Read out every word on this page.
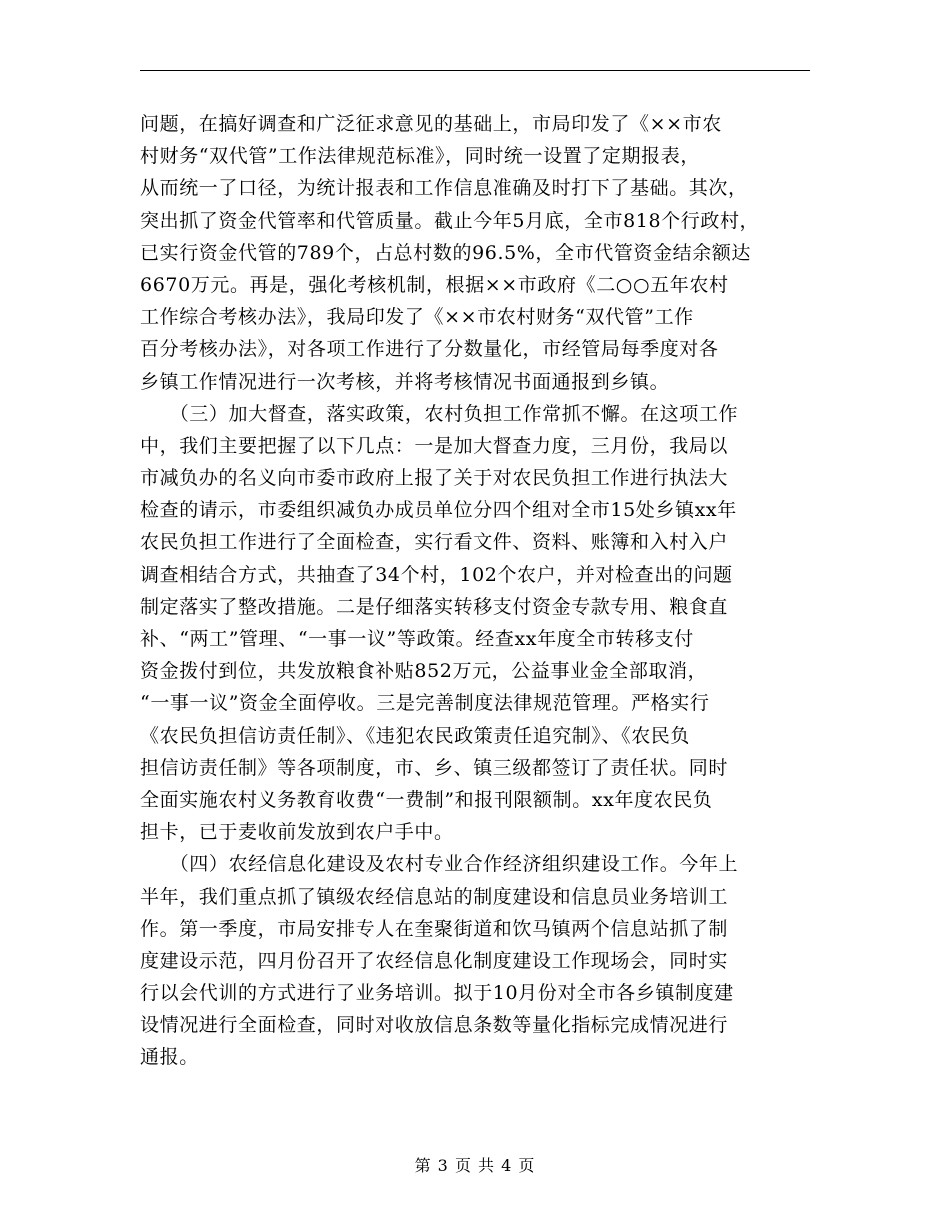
问题，在搞好调查和广泛征求意见的基础上，市局印发了《××市农
村财务“双代管”工作法律规范标准》，同时统一设置了定期报表，
从而统一了口径，为统计报表和工作信息准确及时打下了基础。其次，
突出抓了资金代管率和代管质量。截止今年5月底，全市818个行政村，
已实行资金代管的789个，占总村数的96.5%，全市代管资金结余额达
6670万元。再是，强化考核机制，根据××市政府《二○○五年农村
工作综合考核办法》，我局印发了《××市农村财务“双代管”工作
百分考核办法》，对各项工作进行了分数量化，市经管局每季度对各
乡镇工作情况进行一次考核，并将考核情况书面通报到乡镇。
　　（三）加大督查，落实政策，农村负担工作常抓不懈。在这项工作
中，我们主要把握了以下几点：一是加大督查力度，三月份，我局以
市减负办的名义向市委市政府上报了关于对农民负担工作进行执法大
检查的请示，市委组织减负办成员单位分四个组对全市15处乡镇xx年
农民负担工作进行了全面检查，实行看文件、资料、账簿和入村入户
调查相结合方式，共抽查了34个村，102个农户，并对检查出的问题
制定落实了整改措施。二是仔细落实转移支付资金专款专用、粮食直
补、“两工”管理、“一事一议”等政策。经查xx年度全市转移支付
资金拨付到位，共发放粮食补贴852万元，公益事业金全部取消，
“一事一议”资金全面停收。三是完善制度法律规范管理。严格实行
《农民负担信访责任制》、《违犯农民政策责任追究制》、《农民负
担信访责任制》等各项制度，市、乡、镇三级都签订了责任状。同时
全面实施农村义务教育收费“一费制”和报刊限额制。xx年度农民负
担卡，已于麦收前发放到农户手中。
　　（四）农经信息化建设及农村专业合作经济组织建设工作。今年上
半年，我们重点抓了镇级农经信息站的制度建设和信息员业务培训工
作。第一季度，市局安排专人在奎聚街道和饮马镇两个信息站抓了制
度建设示范，四月份召开了农经信息化制度建设工作现场会，同时实
行以会代训的方式进行了业务培训。拟于10月份对全市各乡镇制度建
设情况进行全面检查，同时对收放信息条数等量化指标完成情况进行
通报。
第 3 页 共 4 页
